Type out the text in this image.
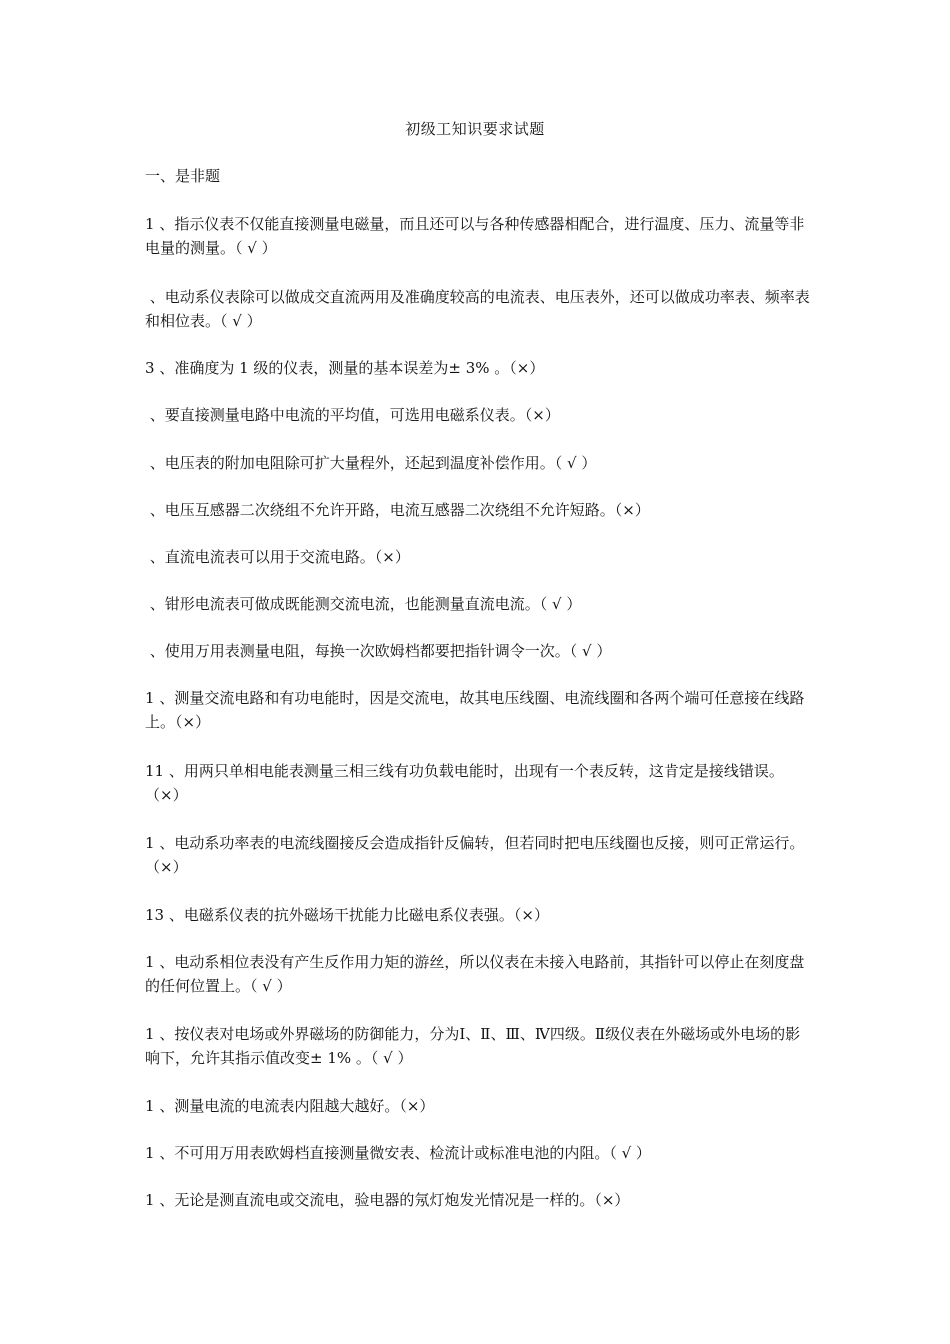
初级工知识要求试题
一、是非题
1 、指示仪表不仅能直接测量电磁量，而且还可以与各种传感器相配合，进行温度、压力、流量等非电量的测量。（ √ ）
、电动系仪表除可以做成交直流两用及准确度较高的电流表、电压表外，还可以做成功率表、频率表和相位表。（ √ ）
3 、准确度为 1 级的仪表，测量的基本误差为± 3% 。（×）
、要直接测量电路中电流的平均值，可选用电磁系仪表。（×）
、电压表的附加电阻除可扩大量程外，还起到温度补偿作用。（ √ ）
、电压互感器二次绕组不允许开路，电流互感器二次绕组不允许短路。（×）
、直流电流表可以用于交流电路。（×）
、钳形电流表可做成既能测交流电流，也能测量直流电流。（ √ ）
、使用万用表测量电阻，每换一次欧姆档都要把指针调令一次。（ √ ）
1 、测量交流电路和有功电能时，因是交流电，故其电压线圈、电流线圈和各两个端可任意接在线路上。（×）
11 、用两只单相电能表测量三相三线有功负载电能时，出现有一个表反转，这肯定是接线错误。（×）
1 、电动系功率表的电流线圈接反会造成指针反偏转，但若同时把电压线圈也反接，则可正常运行。 （×）
13 、电磁系仪表的抗外磁场干扰能力比磁电系仪表强。（×）
1 、电动系相位表没有产生反作用力矩的游丝，所以仪表在未接入电路前，其指针可以停止在刻度盘的任何位置上。（ √ ）
1 、按仪表对电场或外界磁场的防御能力，分为Ⅰ、Ⅱ、Ⅲ、Ⅳ四级。Ⅱ级仪表在外磁场或外电场的影响下，允许其指示值改变± 1% 。（ √ ）
1 、测量电流的电流表内阻越大越好。（×）
1 、不可用万用表欧姆档直接测量微安表、检流计或标准电池的内阻。（ √ ）
1 、无论是测直流电或交流电，验电器的氖灯炮发光情况是一样的。（×）
